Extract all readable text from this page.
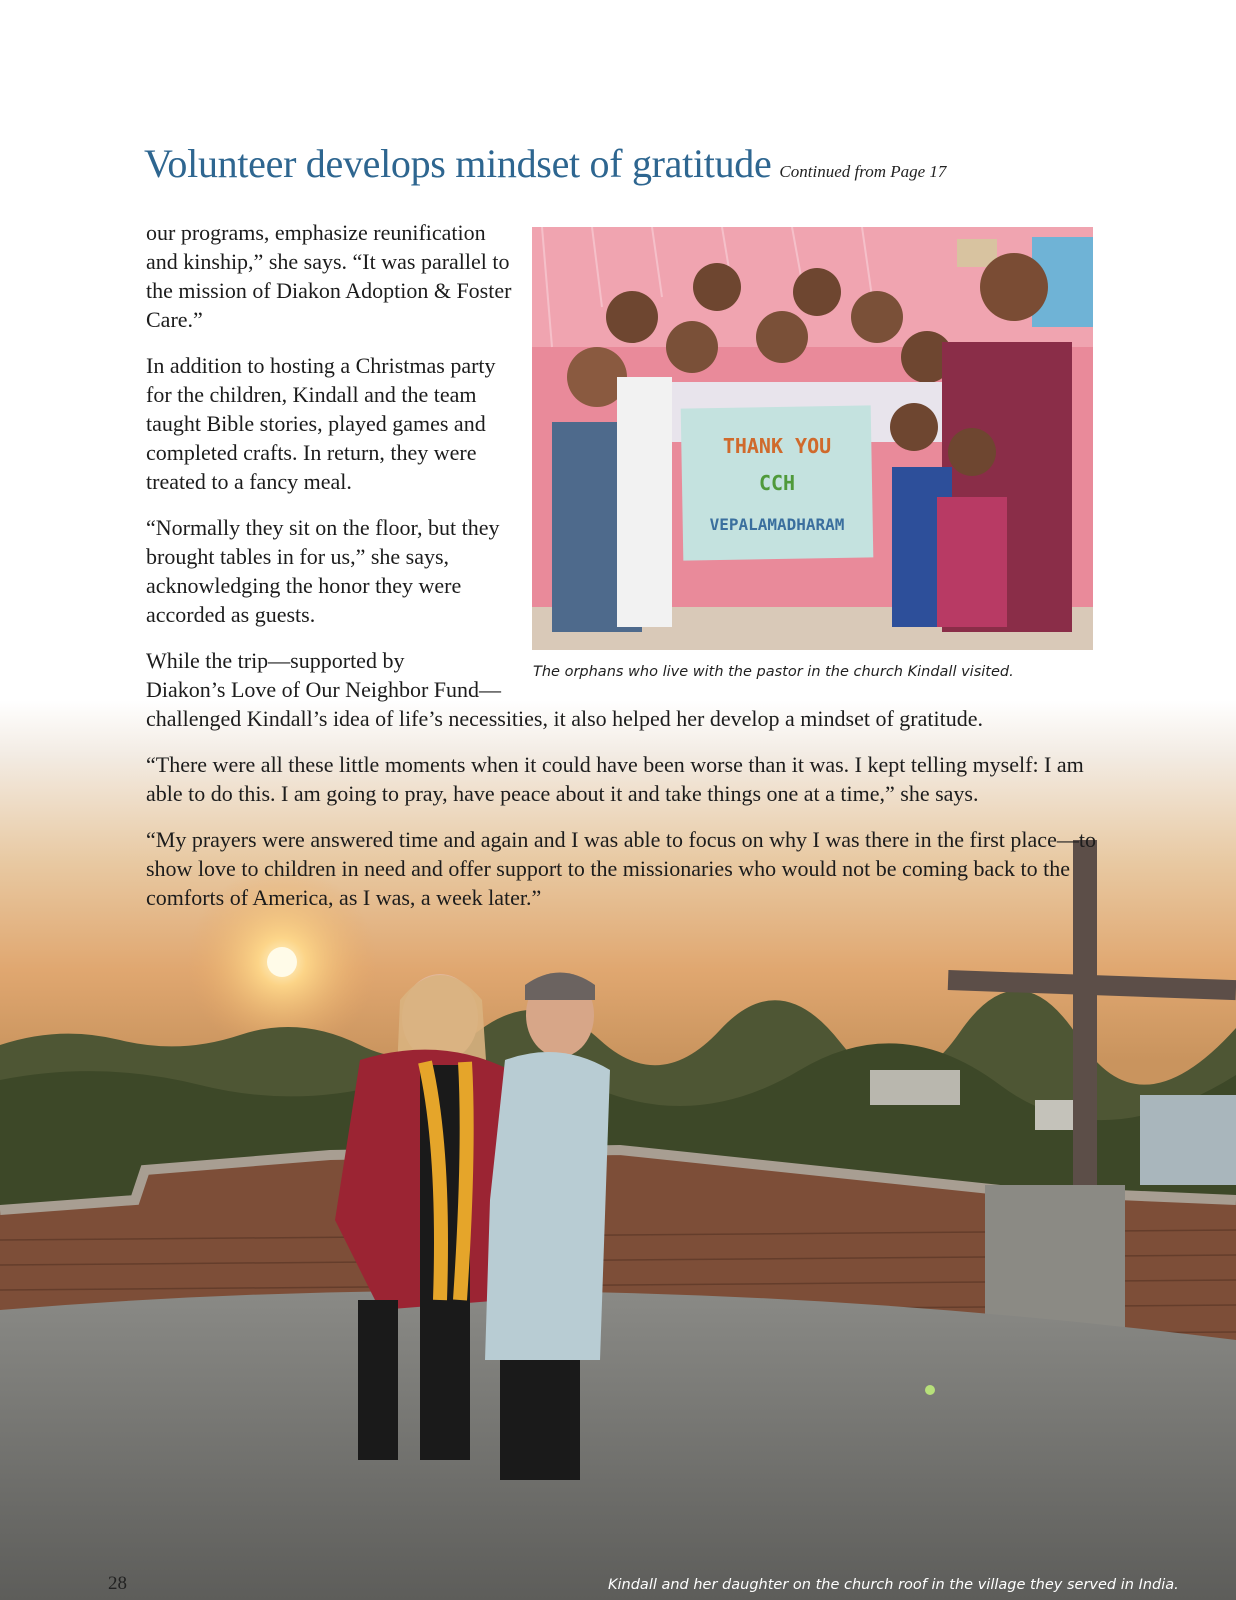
Volunteer develops mindset of gratitude Continued from Page 17

our programs, emphasize reunification and kinship,” she says. “It was parallel to the mission of Diakon Adoption & Foster Care.”

In addition to hosting a Christmas party for the children, Kindall and the team taught Bible stories, played games and completed crafts. In return, they were treated to a fancy meal.

“Normally they sit on the floor, but they brought tables in for us,” she says, acknowledging the honor they were accorded as guests.

THANK YOU
CCH
VEPALAMADHARAM
The orphans who live with the pastor in the church Kindall visited.

While the trip—supported by
Diakon’s Love of Our Neighbor Fund—
challenged Kindall’s idea of life’s necessities, it also helped her develop a mindset of gratitude.

“There were all these little moments when it could have been worse than it was. I kept telling myself: I am able to do this. I am going to pray, have peace about it and take things one at a time,” she says.

“My prayers were answered time and again and I was able to focus on why I was there in the first place—to show love to children in need and offer support to the missionaries who would not be coming back to the comforts of America, as I was, a week later.”

28	Kindall and her daughter on the church roof in the village they served in India.
